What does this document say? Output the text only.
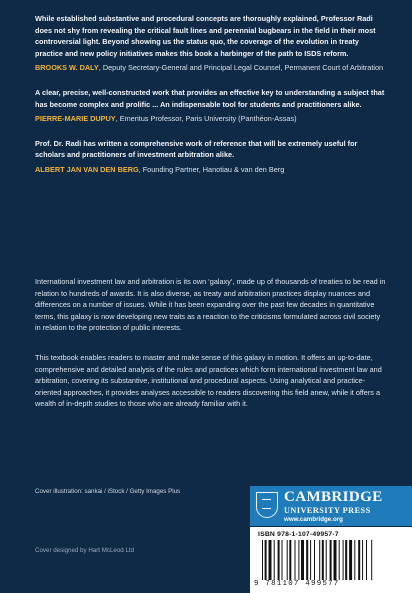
While established substantive and procedural concepts are thoroughly explained, Professor Radi does not shy from revealing the critical fault lines and perennial bugbears in the field in their most controversial light. Beyond showing us the status quo, the coverage of the evolution in treaty practice and new policy initiatives makes this book a harbinger of the path to ISDS reform.

BROOKS W. DALY, Deputy Secretary-General and Principal Legal Counsel, Permanent Court of Arbitration

A clear, precise, well-constructed work that provides an effective key to understanding a subject that has become complex and prolific ... An indispensable tool for students and practitioners alike.

PIERRE-MARIE DUPUY, Emeritus Professor, Paris University (Panthéon-Assas)

Prof. Dr. Radi has written a comprehensive work of reference that will be extremely useful for scholars and practitioners of investment arbitration alike.

ALBERT JAN VAN DEN BERG, Founding Partner, Hanotiau & van den Berg

International investment law and arbitration is its own ‘galaxy’, made up of thousands of treaties to be read in relation to hundreds of awards. It is also diverse, as treaty and arbitration practices display nuances and differences on a number of issues. While it has been expanding over the past few decades in quantitative terms, this galaxy is now developing new traits as a reaction to the criticisms formulated across civil society in relation to the protection of public interests.

This textbook enables readers to master and make sense of this galaxy in motion. It offers an up-to-date, comprehensive and detailed analysis of the rules and practices which form international investment law and arbitration, covering its substantive, institutional and procedural aspects. Using analytical and practice-oriented approaches, it provides analyses accessible to readers discovering this field anew, while it offers a wealth of in-depth studies to those who are already familiar with it.

Cover illustration: sankai / iStock / Getty Images Plus
Cover designed by Hart McLeod Ltd
CAMBRIDGE
UNIVERSITY PRESS
www.cambridge.org
ISBN 978-1-107-49957-7
9 781107 499577
